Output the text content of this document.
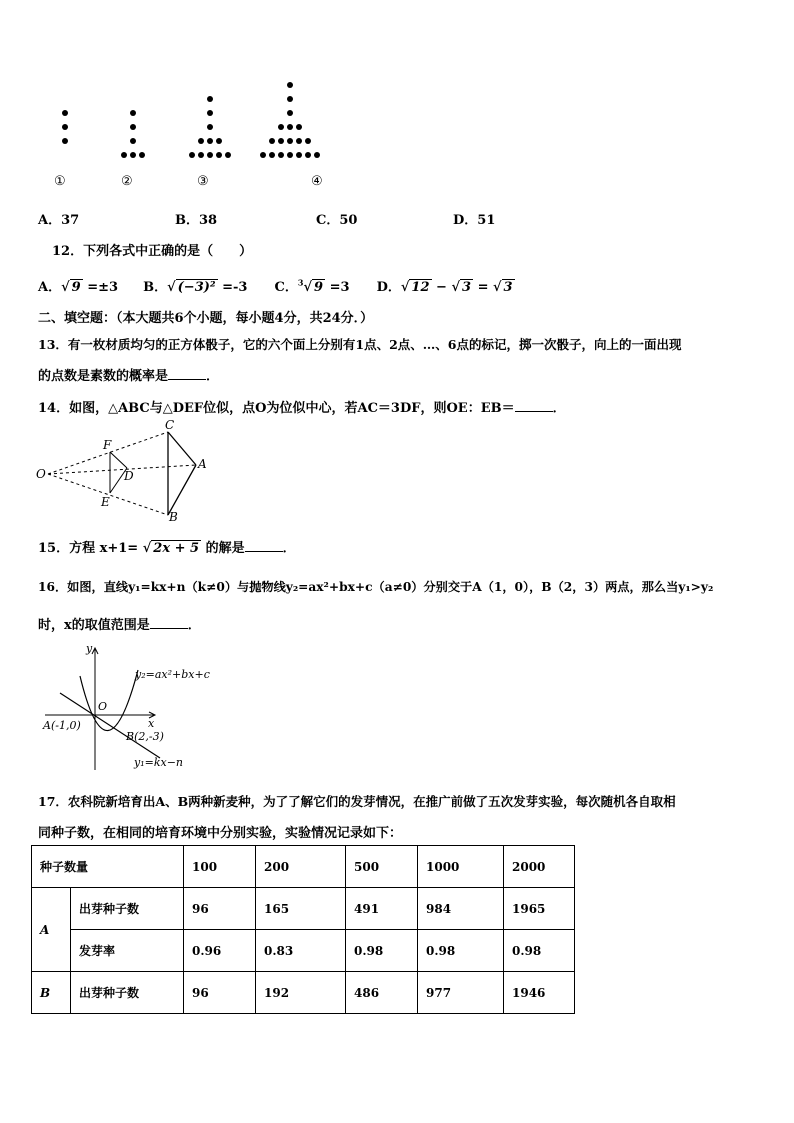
①	②	③	④
A．37	B．38	C．50	D．51
12．下列各式中正确的是（　　）
A．√ 9 =±3 B．√ (−3)² =-3 C．$^3$√ 9 =3 D．√ 12 − √ 3 = √ 3
二、填空题：（本大题共6个小题，每小题4分，共24分．）
13．有一枚材质均匀的正方体骰子，它的六个面上分别有1点、2点、…、6点的标记，掷一次骰子，向上的一面出现
的点数是素数的概率是	．
14．如图，△ABC与△DEF位似，点O为位似中心，若AC＝3DF，则OE：EB＝	．
O
F
D
E
C
A
B
15．方程 x+1= √ 2x + 5 的解是	．
16．如图，直线y₁=kx+n（k≠0）与抛物线y₂=ax²+bx+c（a≠0）分别交于A（1，0），B（2，3）两点，那么当y₁>y₂
时，x的取值范围是	．
y
x
O
y₂=ax²+bx+c
A(-1,0)
B(2,-3)
y₁=kx−n
17．农科院新培育出A、B两种新麦种，为了了解它们的发芽情况，在推广前做了五次发芽实验，每次随机各自取相
同种子数，在相同的培育环境中分别实验，实验情况记录如下：
种子数量		100	200	500	1000	2000
A	出芽种子数	96	165	491	984	1965
	发芽率	0.96	0.83	0.98	0.98	0.98
B	出芽种子数	96	192	486	977	1946
